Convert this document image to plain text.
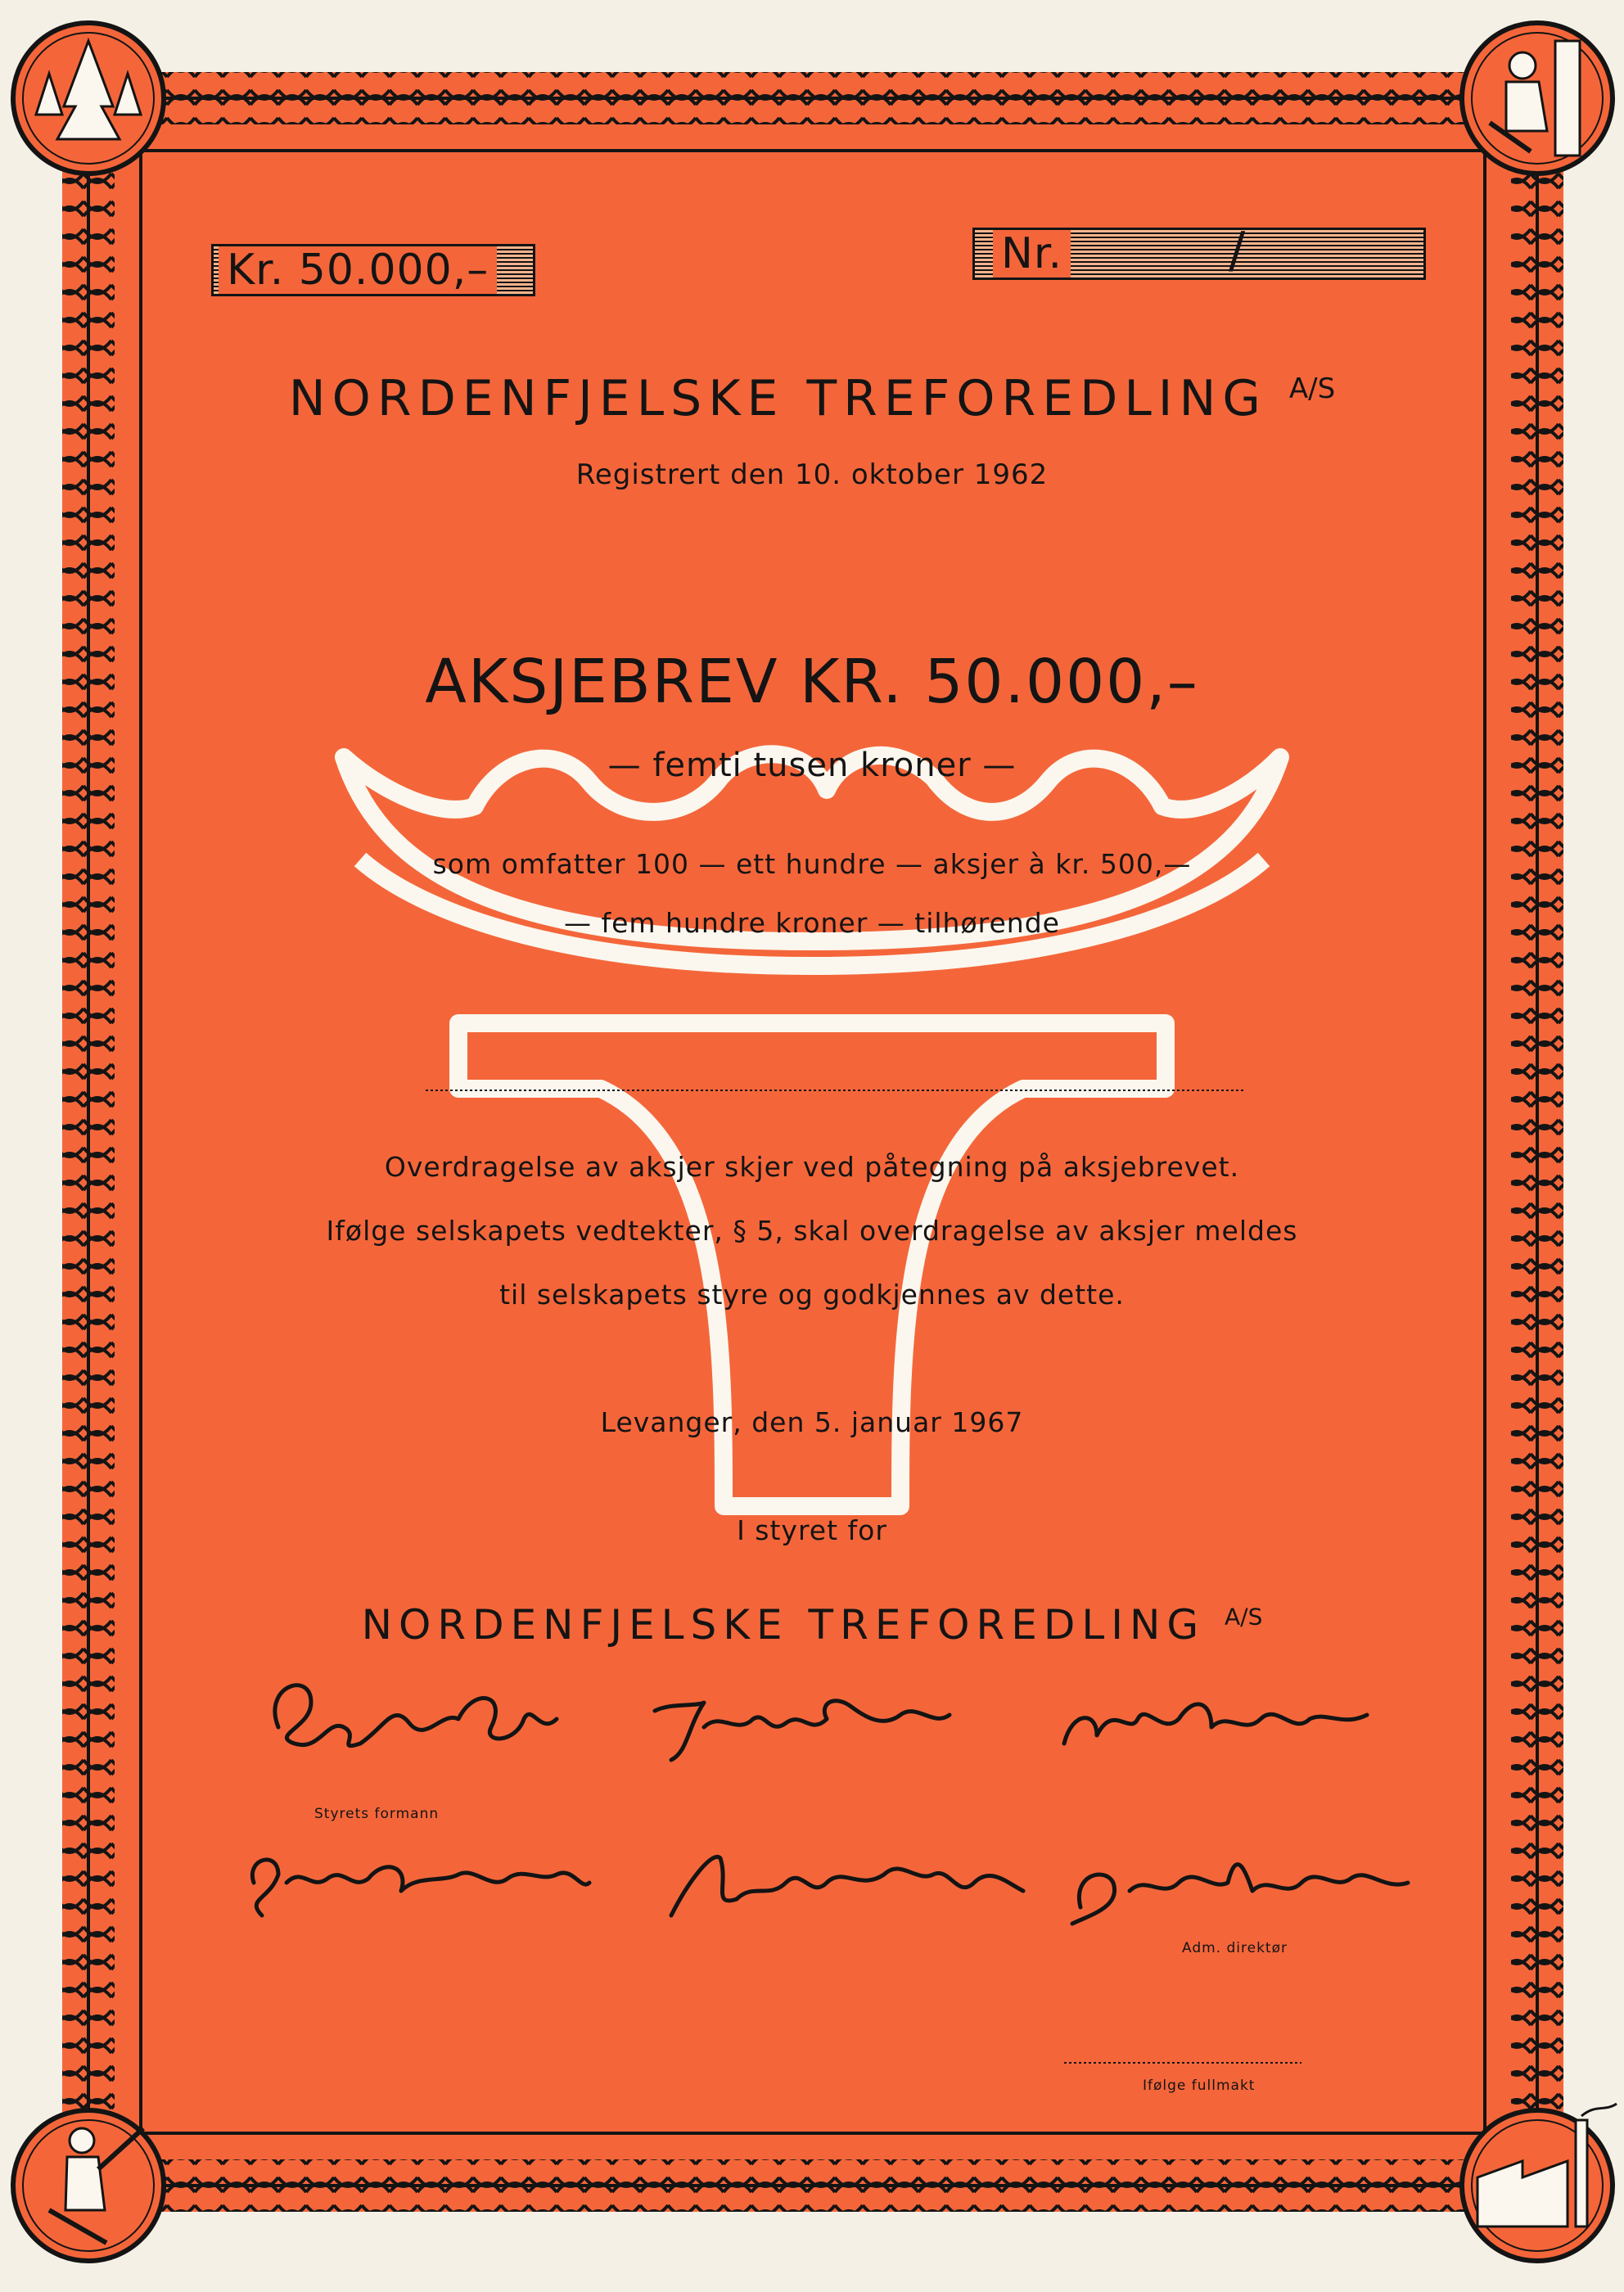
Kr. 50.000,–	Nr.	/
NORDENFJELSKE TREFOREDLING $^{A/S}$
Registrert den 10. oktober 1962
AKSJEBREV KR. 50.000,–
— femti tusen kroner —
som omfatter 100 — ett hundre — aksjer à kr. 500,—
— fem hundre kroner — tilhørende
Overdragelse av aksjer skjer ved påtegning på aksjebrevet.
Ifølge selskapets vedtekter, § 5, skal overdragelse av aksjer meldes
til selskapets styre og godkjennes av dette.
Levanger, den 5. januar 1967
I styret for
NORDENFJELSKE TREFOREDLING $^{A/S}$
Styrets formann
Adm. direktør
Ifølge fullmakt
